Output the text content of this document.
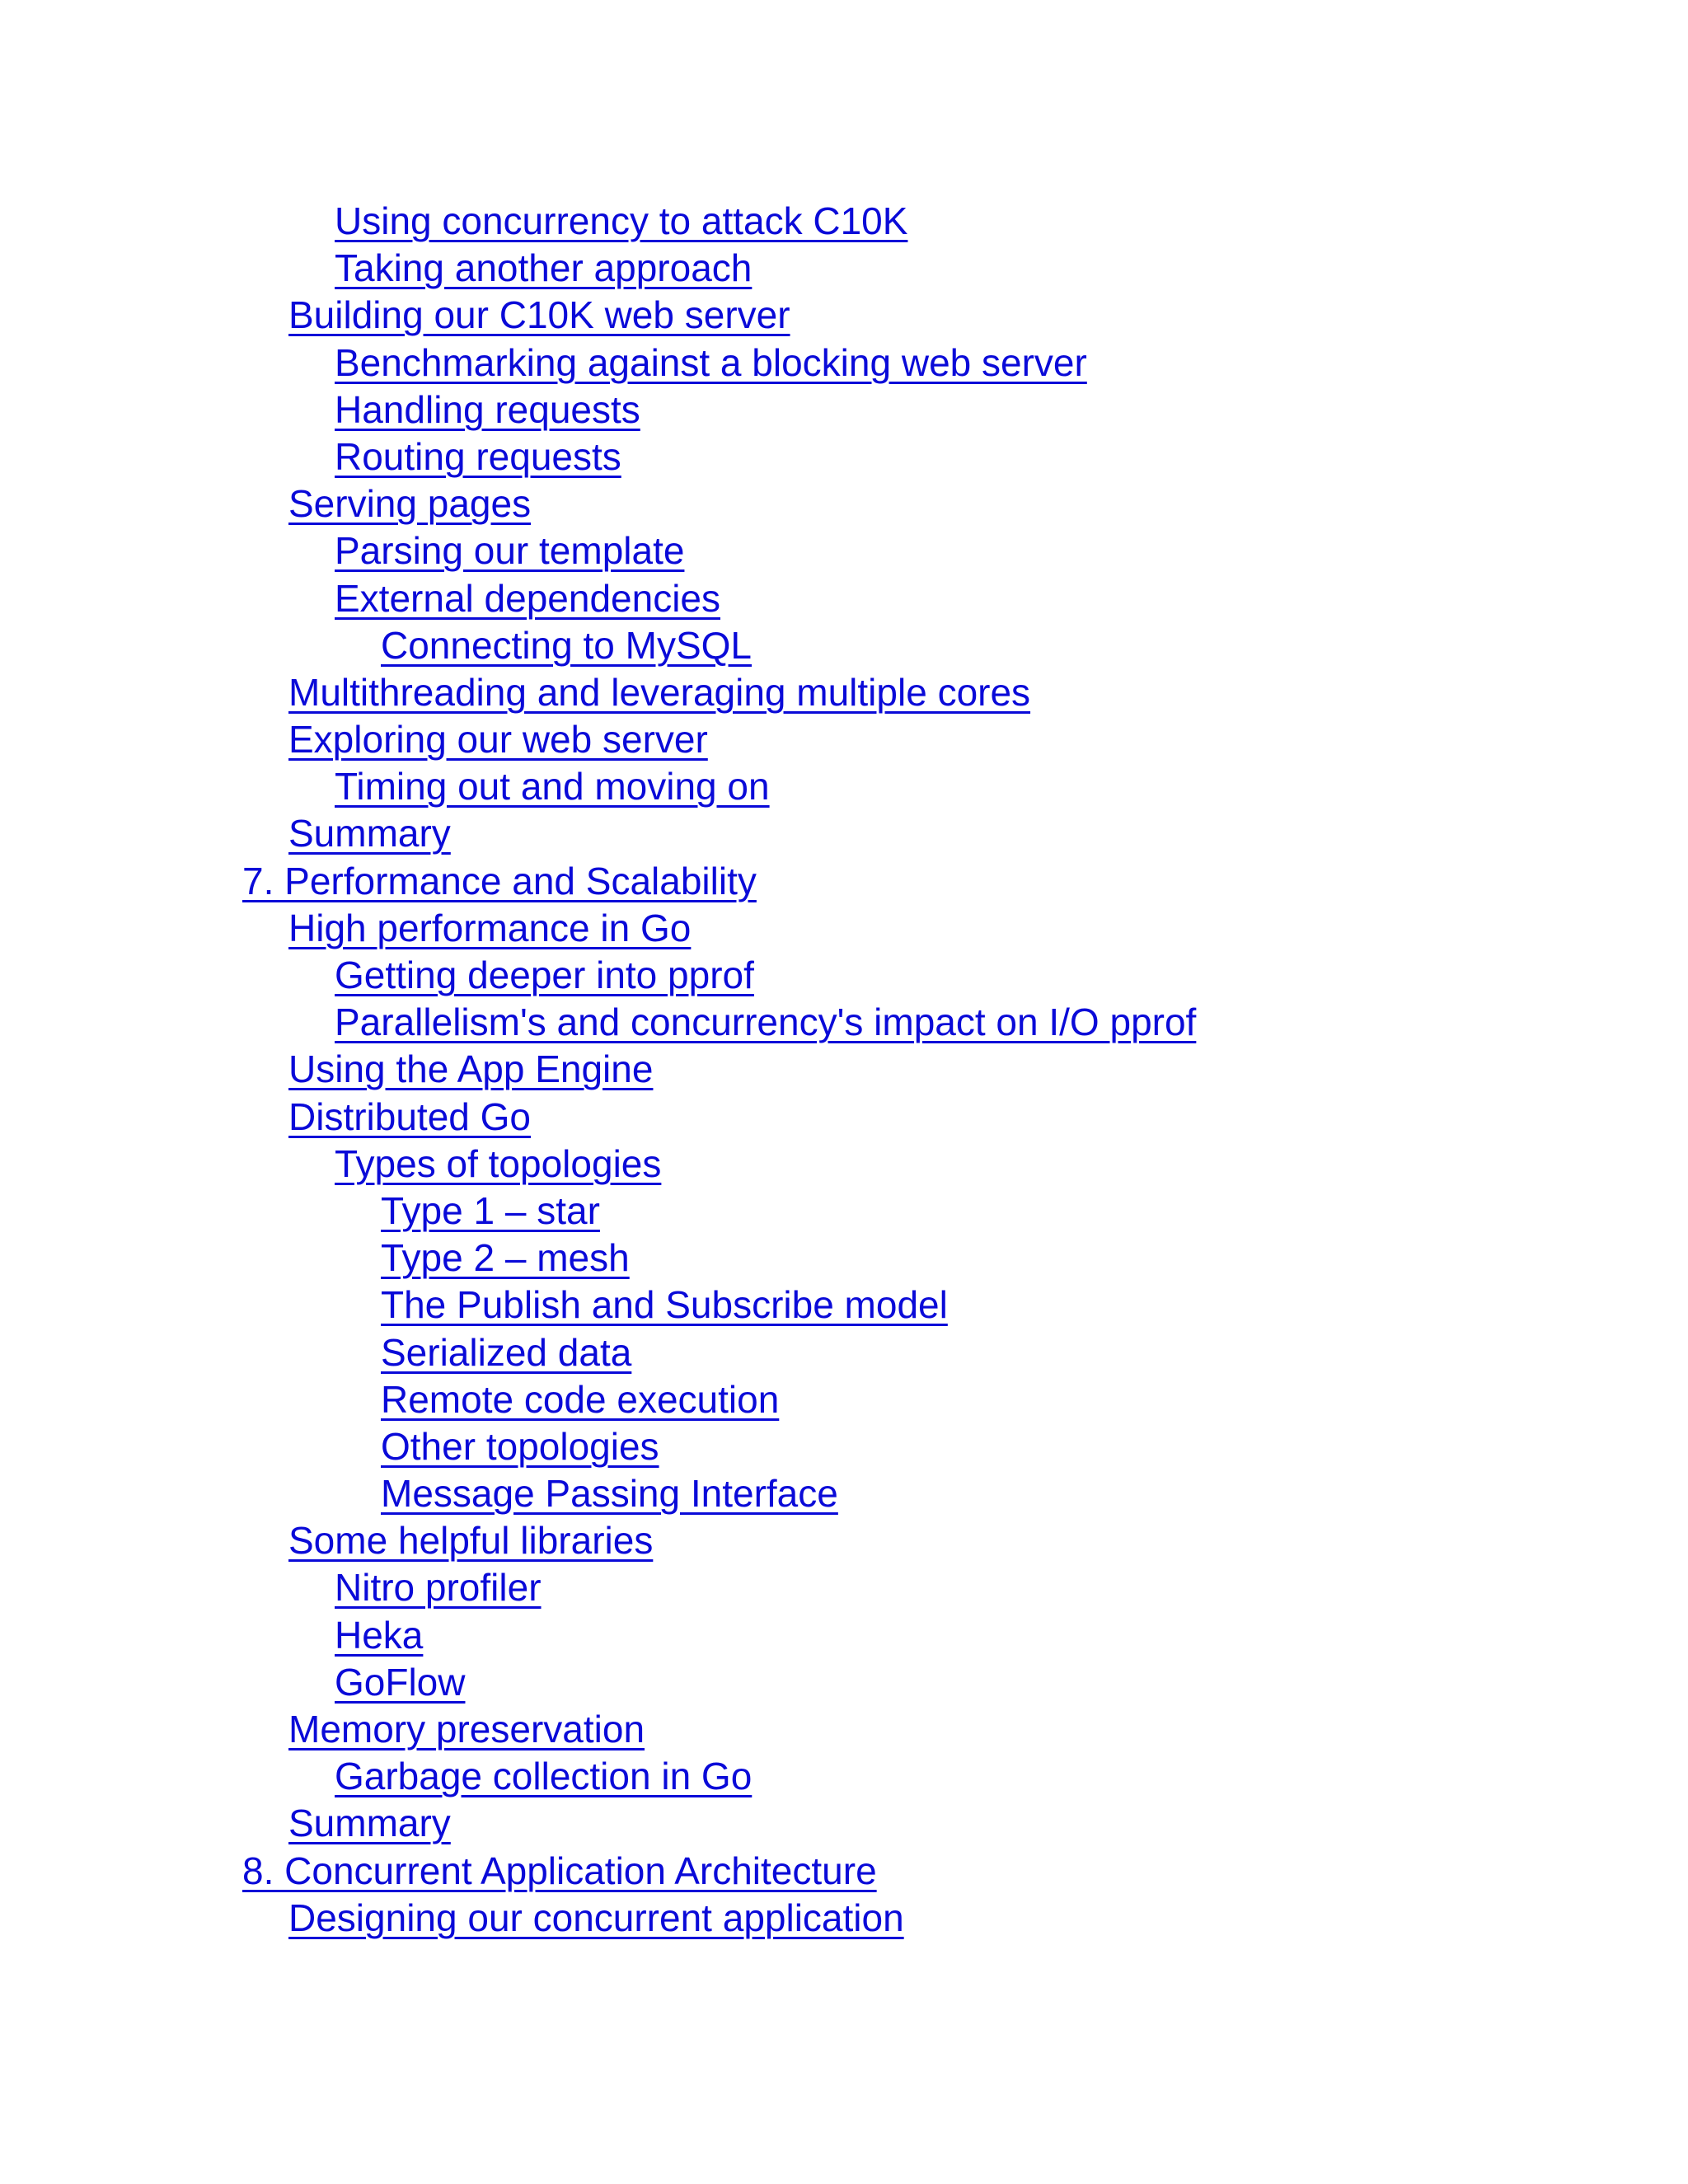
Using concurrency to attack C10K
Taking another approach
Building our C10K web server
Benchmarking against a blocking web server
Handling requests
Routing requests
Serving pages
Parsing our template
External dependencies
Connecting to MySQL
Multithreading and leveraging multiple cores
Exploring our web server
Timing out and moving on
Summary
7. Performance and Scalability
High performance in Go
Getting deeper into pprof
Parallelism's and concurrency's impact on I/O pprof
Using the App Engine
Distributed Go
Types of topologies
Type 1 – star
Type 2 – mesh
The Publish and Subscribe model
Serialized data
Remote code execution
Other topologies
Message Passing Interface
Some helpful libraries
Nitro profiler
Heka
GoFlow
Memory preservation
Garbage collection in Go
Summary
8. Concurrent Application Architecture
Designing our concurrent application
